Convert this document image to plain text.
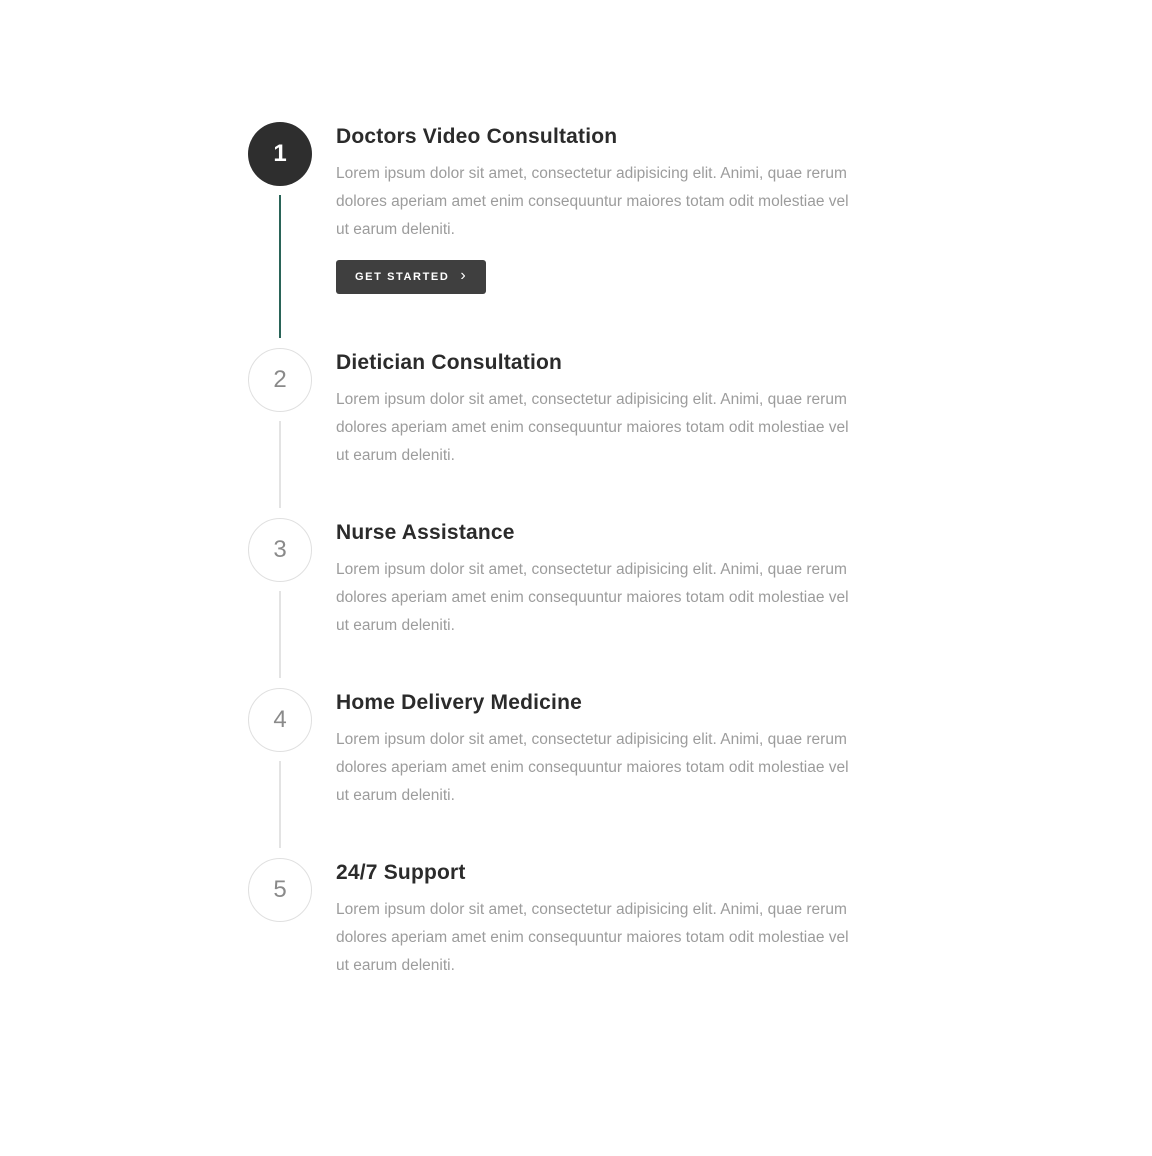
1
Doctors Video Consultation

Lorem ipsum dolor sit amet, consectetur adipisicing elit. Animi, quae rerum dolores aperiam amet enim consequuntur maiores totam odit molestiae vel ut earum deleniti.

GET STARTED ›
2
Dietician Consultation

Lorem ipsum dolor sit amet, consectetur adipisicing elit. Animi, quae rerum dolores aperiam amet enim consequuntur maiores totam odit molestiae vel ut earum deleniti.

3
Nurse Assistance

Lorem ipsum dolor sit amet, consectetur adipisicing elit. Animi, quae rerum dolores aperiam amet enim consequuntur maiores totam odit molestiae vel ut earum deleniti.

4
Home Delivery Medicine

Lorem ipsum dolor sit amet, consectetur adipisicing elit. Animi, quae rerum dolores aperiam amet enim consequuntur maiores totam odit molestiae vel ut earum deleniti.

5
24/7 Support

Lorem ipsum dolor sit amet, consectetur adipisicing elit. Animi, quae rerum dolores aperiam amet enim consequuntur maiores totam odit molestiae vel ut earum deleniti.
